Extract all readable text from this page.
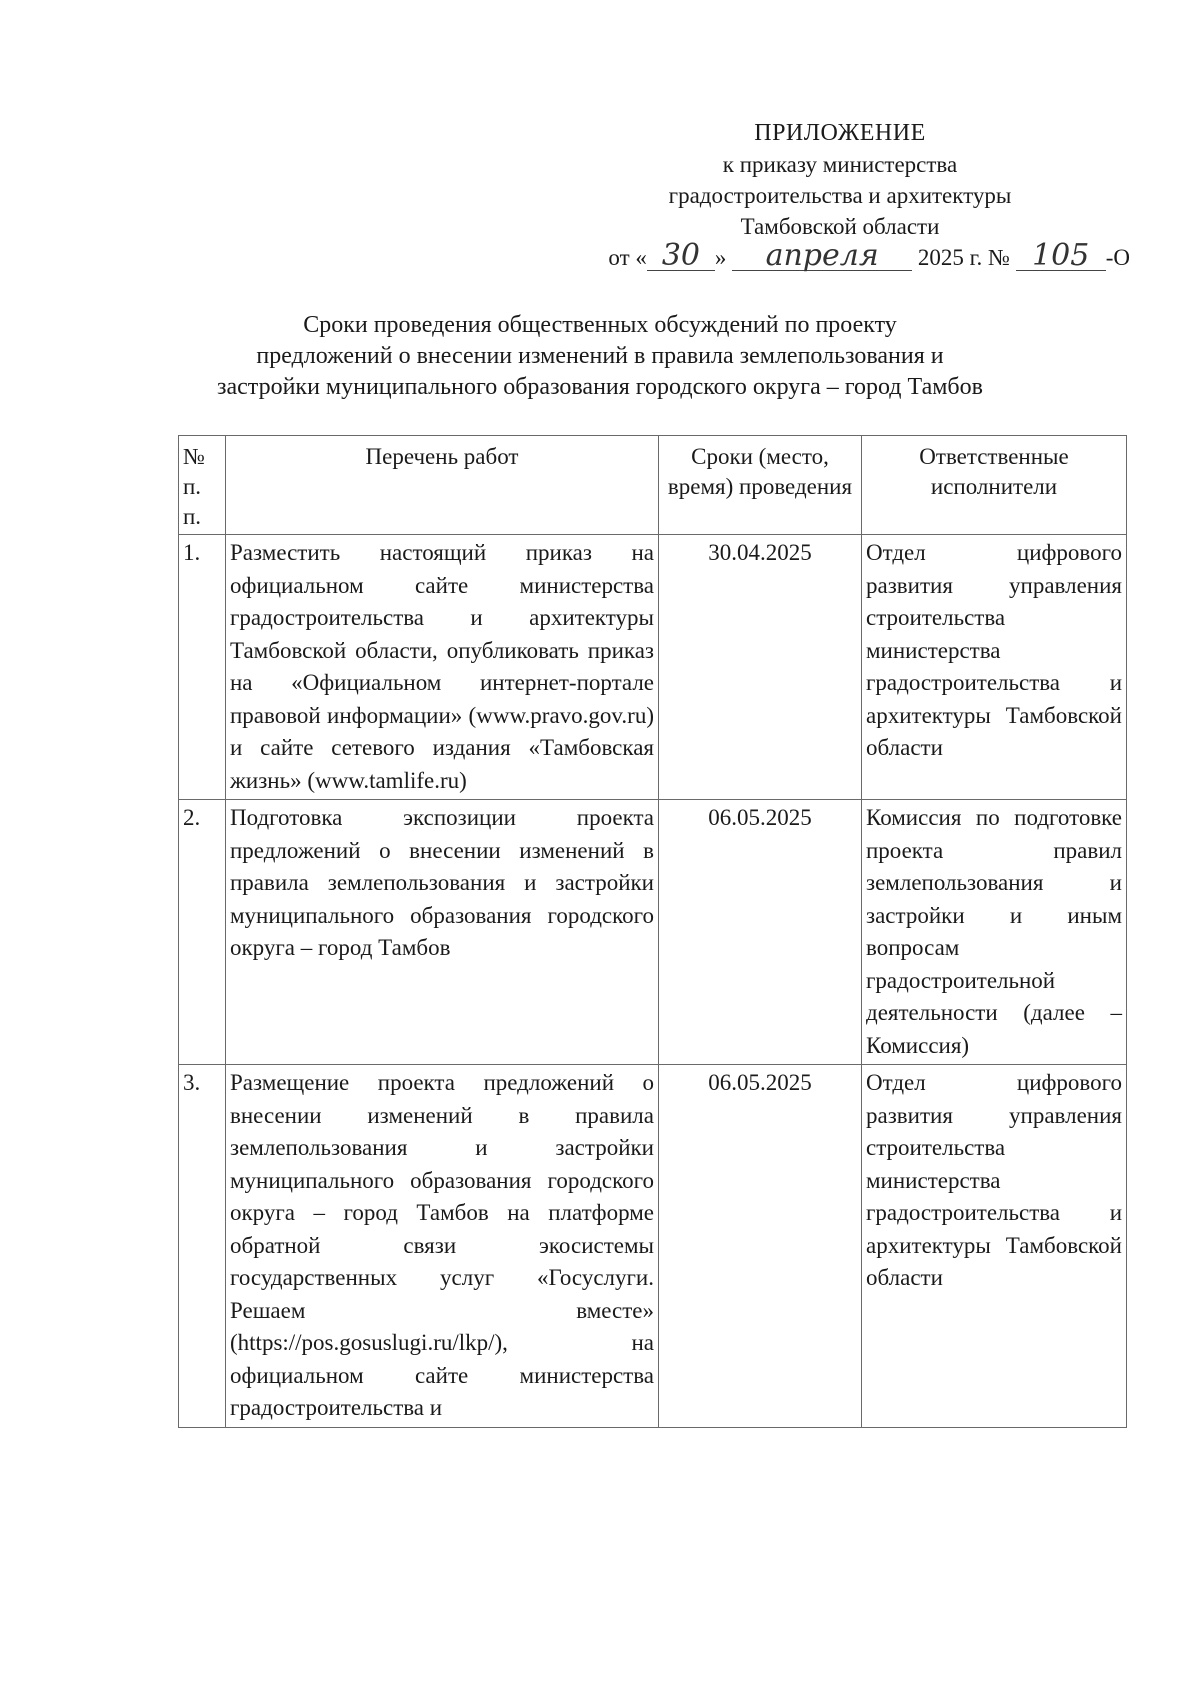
ПРИЛОЖЕНИЕ
к приказу министерства
градостроительства и архитектуры
Тамбовской области
от « 30 » апреля 2025 г. № 105 -О
Сроки проведения общественных обсуждений по проекту
предложений о внесении изменений в правила землепользования и
застройки муниципального образования городского округа – город Тамбов
№ п. п.	Перечень работ	Сроки (место, время) проведения	Ответственные исполнители
1.	Разместить настоящий приказ на официальном сайте министерства градостроительства и архитектуры Тамбовской области, опубликовать приказ на «Официальном интернет-портале правовой информации» (www.pravo.gov.ru) и сайте сетевого издания «Тамбовская жизнь» (www.tamlife.ru)	30.04.2025	Отдел цифрового развития управления строительства министерства градостроительства и архитектуры Тамбовской области
2.	Подготовка экспозиции проекта предложений о внесении изменений в правила землепользования и застройки муниципального образования городского округа – город Тамбов	06.05.2025	Комиссия по подготовке проекта правил землепользования и застройки и иным вопросам градостроительной деятельности (далее – Комиссия)
3.	Размещение проекта предложений о внесении изменений в правила землепользования и застройки муниципального образования городского округа – город Тамбов на платформе обратной связи экосистемы государственных услуг «Госуслуги. Решаем вместе» (https://pos.gosuslugi.ru/lkp/), на официальном сайте министерства градостроительства и	06.05.2025	Отдел цифрового развития управления строительства министерства градостроительства и архитектуры Тамбовской области
